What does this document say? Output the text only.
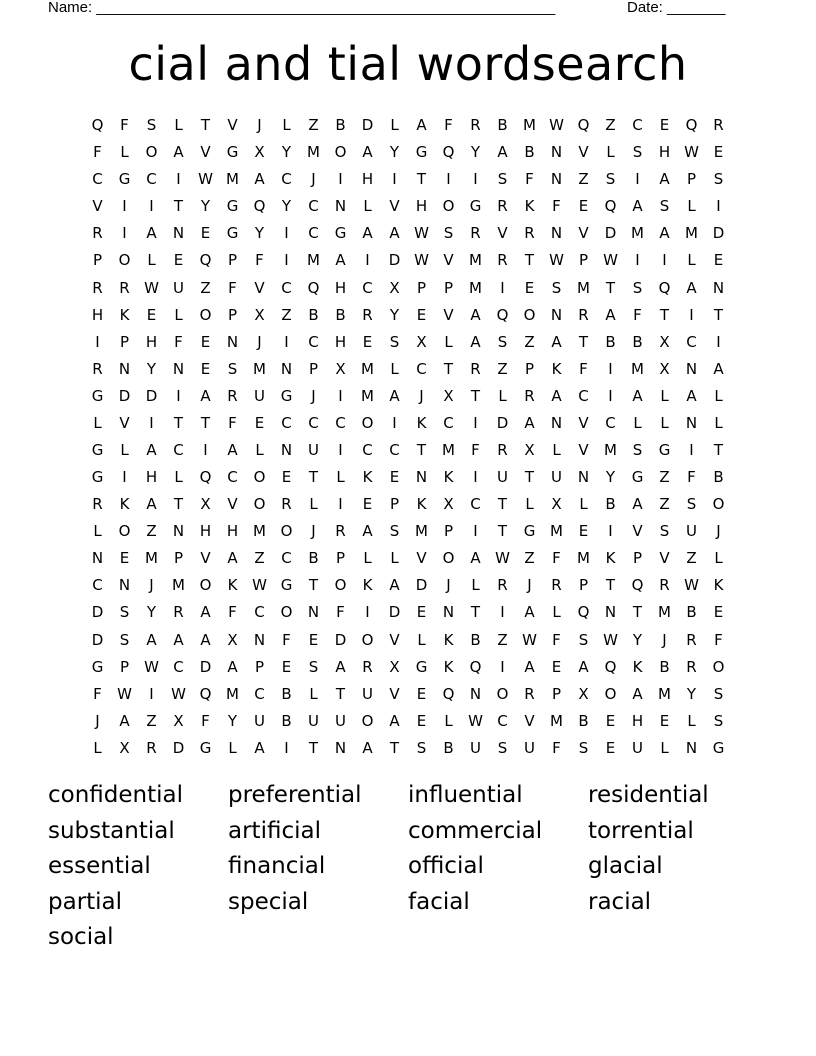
Name: _______________________________________________________	Date: _______
cial and tial wordsearch
Q	F	S	L	T	V	J	L	Z	B	D	L	A	F	R	B	M	W	Q	Z	C	E	Q	R
F	L	O	A	V	G	X	Y	M	O	A	Y	G	Q	Y	A	B	N	V	L	S	H	W	E
C	G	C	I	W	M	A	C	J	I	H	I	T	I	I	S	F	N	Z	S	I	A	P	S
V	I	I	T	Y	G	Q	Y	C	N	L	V	H	O	G	R	K	F	E	Q	A	S	L	I
R	I	A	N	E	G	Y	I	C	G	A	A	W	S	R	V	R	N	V	D	M	A	M	D
P	O	L	E	Q	P	F	I	M	A	I	D	W	V	M	R	T	W	P	W	I	I	L	E
R	R	W	U	Z	F	V	C	Q	H	C	X	P	P	M	I	E	S	M	T	S	Q	A	N
H	K	E	L	O	P	X	Z	B	B	R	Y	E	V	A	Q	O	N	R	A	F	T	I	T
I	P	H	F	E	N	J	I	C	H	E	S	X	L	A	S	Z	A	T	B	B	X	C	I
R	N	Y	N	E	S	M	N	P	X	M	L	C	T	R	Z	P	K	F	I	M	X	N	A
G	D	D	I	A	R	U	G	J	I	M	A	J	X	T	L	R	A	C	I	A	L	A	L
L	V	I	T	T	F	E	C	C	C	O	I	K	C	I	D	A	N	V	C	L	L	N	L
G	L	A	C	I	A	L	N	U	I	C	C	T	M	F	R	X	L	V	M	S	G	I	T
G	I	H	L	Q	C	O	E	T	L	K	E	N	K	I	U	T	U	N	Y	G	Z	F	B
R	K	A	T	X	V	O	R	L	I	E	P	K	X	C	T	L	X	L	B	A	Z	S	O
L	O	Z	N	H	H	M	O	J	R	A	S	M	P	I	T	G	M	E	I	V	S	U	J
N	E	M	P	V	A	Z	C	B	P	L	L	V	O	A	W	Z	F	M	K	P	V	Z	L
C	N	J	M	O	K	W	G	T	O	K	A	D	J	L	R	J	R	P	T	Q	R	W	K
D	S	Y	R	A	F	C	O	N	F	I	D	E	N	T	I	A	L	Q	N	T	M	B	E
D	S	A	A	A	X	N	F	E	D	O	V	L	K	B	Z	W	F	S	W	Y	J	R	F
G	P	W	C	D	A	P	E	S	A	R	X	G	K	Q	I	A	E	A	Q	K	B	R	O
F	W	I	W	Q	M	C	B	L	T	U	V	E	Q	N	O	R	P	X	O	A	M	Y	S
J	A	Z	X	F	Y	U	B	U	U	O	A	E	L	W	C	V	M	B	E	H	E	L	S
L	X	R	D	G	L	A	I	T	N	A	T	S	B	U	S	U	F	S	E	U	L	N	G
confidential preferential influential	residential
substantial artificial	commercial torrential
essential	financial	official	glacial
partial	special	facial	racial
social
